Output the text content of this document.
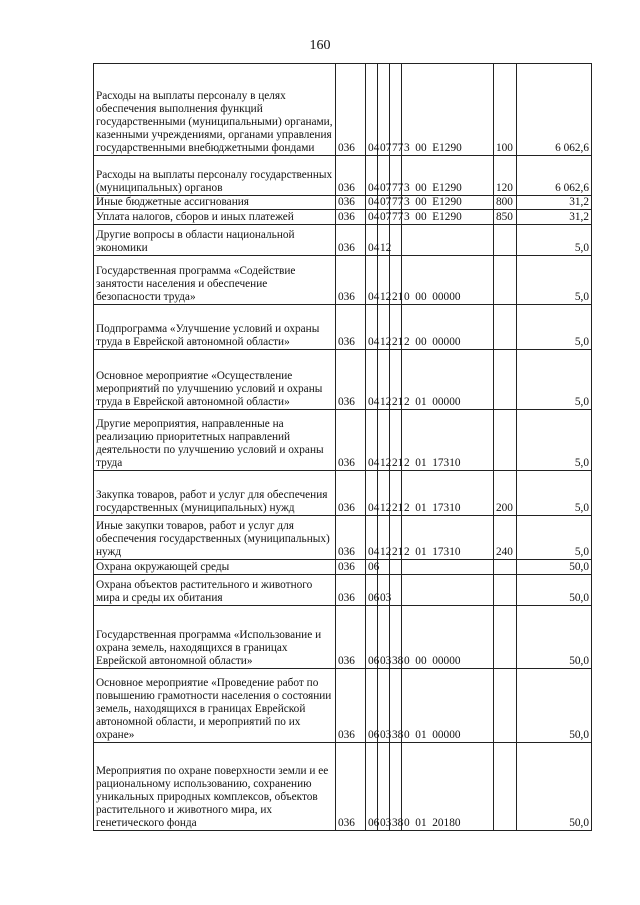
160
Расходы на выплаты персоналу в целях обеспечения выполнения функций государственными (муниципальными) органами, казенными учреждениями, органами управления государственными внебюджетными фондами	036	04	07	77	3  00  E1290	100	6 062,6
Расходы на выплаты персоналу государственных (муниципальных) органов	036	04	07	77	3  00  E1290	120	6 062,6
Иные бюджетные ассигнования	036	04	07	77	3  00  E1290	800	31,2
Уплата налогов, сборов и иных платежей	036	04	07	77	3  00  E1290	850	31,2
Другие вопросы в области национальной экономики	036	04	12				5,0
Государственная программа «Содействие занятости населения и обеспечение безопасности труда»	036	04	12	21	0  00  00000		5,0
Подпрограмма «Улучшение условий и охраны труда в Еврейской автономной области»	036	04	12	21	2  00  00000		5,0
Основное мероприятие «Осуществление мероприятий по улучшению условий и охраны труда в Еврейской автономной области»	036	04	12	21	2  01  00000		5,0
Другие мероприятия, направленные на реализацию приоритетных направлений деятельности по улучшению условий и охраны труда	036	04	12	21	2  01  17310		5,0
Закупка товаров, работ и услуг для обеспечения государственных (муниципальных) нужд	036	04	12	21	2  01  17310	200	5,0
Иные закупки товаров, работ и услуг для обеспечения государственных (муниципальных) нужд	036	04	12	21	2  01  17310	240	5,0
Охрана окружающей среды	036	06					50,0
Охрана объектов растительного и животного мира и среды их обитания	036	06	03				50,0
Государственная программа «Использование и охрана земель, находящихся в границах Еврейской автономной области»	036	06	03	38	0  00  00000		50,0
Основное мероприятие «Проведение работ по повышению грамотности населения о состоянии земель, находящихся в границах Еврейской автономной области, и мероприятий по их охране»	036	06	03	38	0  01  00000		50,0
Мероприятия по охране поверхности земли и ее рациональному использованию, сохранению уникальных природных комплексов, объектов растительного и животного мира, их генетического фонда	036	06	03	38	0  01  20180		50,0
